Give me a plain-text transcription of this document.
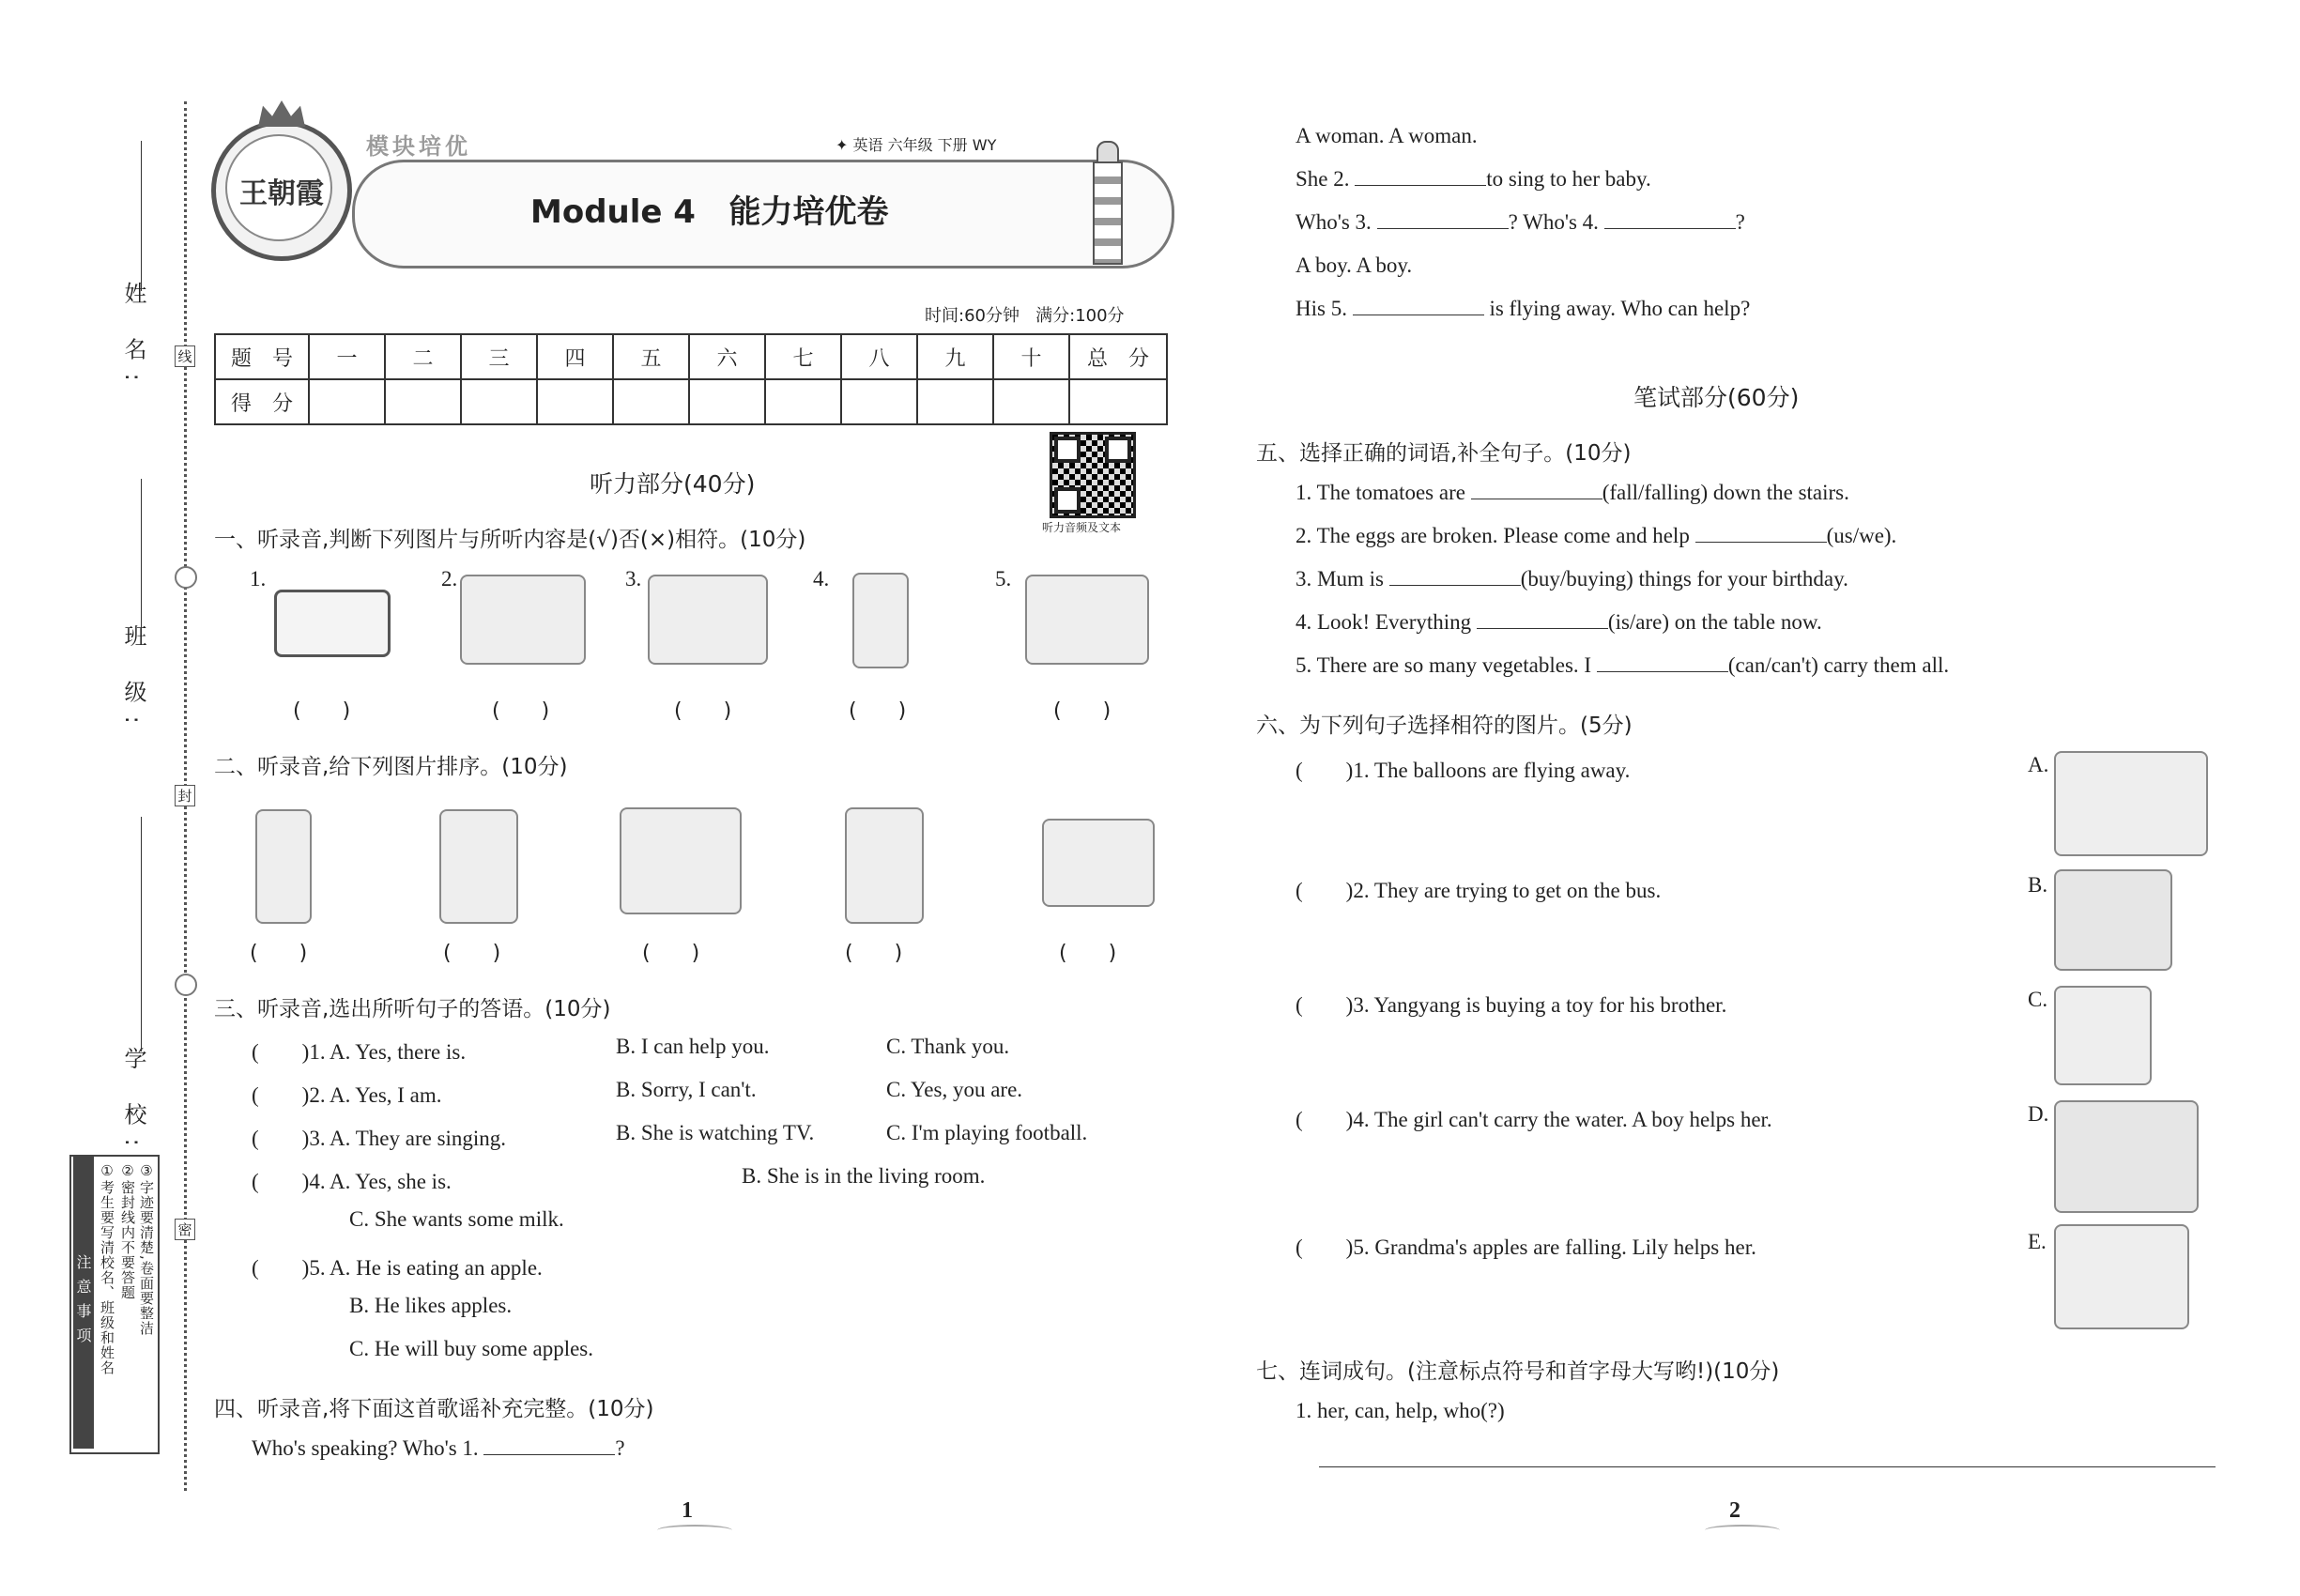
姓 名:
班 级:
学 校:
线
封
密
注意事项 ①考生要写清校名、班级和姓名 ②密封线内不要答题 ③字迹要清楚,卷面要整洁
王朝霞
模块培优	✦ 英语 六年级 下册 WY
Module 4   能力培优卷
时间:60分钟   满分:100分
题　号	一	二	三	四	五	六	七	八	九	十	总　分
得　分											
听力音频及文本
听力部分(40分)
一、听录音,判断下列图片与所听内容是(√)否(×)相符。(10分)
1.	2.	3.	4.	5.
(　　)	(　　)	(　　)	(　　)	(　　)
二、听录音,给下列图片排序。(10分)
(　　)	(　　)	(　　)	(　　)	(　　)
三、听录音,选出所听句子的答语。(10分)
(　　)1. A. Yes, there is.	B. I can help you.	C. Thank you.
(　　)2. A. Yes, I am.	B. Sorry, I can't.	C. Yes, you are.
(　　)3. A. They are singing.	B. She is watching TV.	C. I'm playing football.
(　　)4. A. Yes, she is.	B. She is in the living room.
C. She wants some milk.
(　　)5. A. He is eating an apple.
B. He likes apples.
C. He will buy some apples.
四、听录音,将下面这首歌谣补充完整。(10分)
Who's speaking? Who's 1.	?
1
A woman. A woman.
She 2.	to sing to her baby.
Who's 3.	? Who's 4.	?
A boy. A boy.
His 5.	is flying away. Who can help?
笔试部分(60分)
五、选择正确的词语,补全句子。(10分)
1. The tomatoes are	(fall/falling) down the stairs.
2. The eggs are broken. Please come and help	(us/we).
3. Mum is	(buy/buying) things for your birthday.
4. Look! Everything	(is/are) on the table now.
5. There are so many vegetables. I	(can/can't) carry them all.
六、为下列句子选择相符的图片。(5分)
(　　)1. The balloons are flying away.
(　　)2. They are trying to get on the bus.
(　　)3. Yangyang is buying a toy for his brother.
(　　)4. The girl can't carry the water. A boy helps her.
(　　)5. Grandma's apples are falling. Lily helps her.
A.
B.
C.
D.
E.
七、连词成句。(注意标点符号和首字母大写哟!)(10分)
1. her, can, help, who(?)
2
